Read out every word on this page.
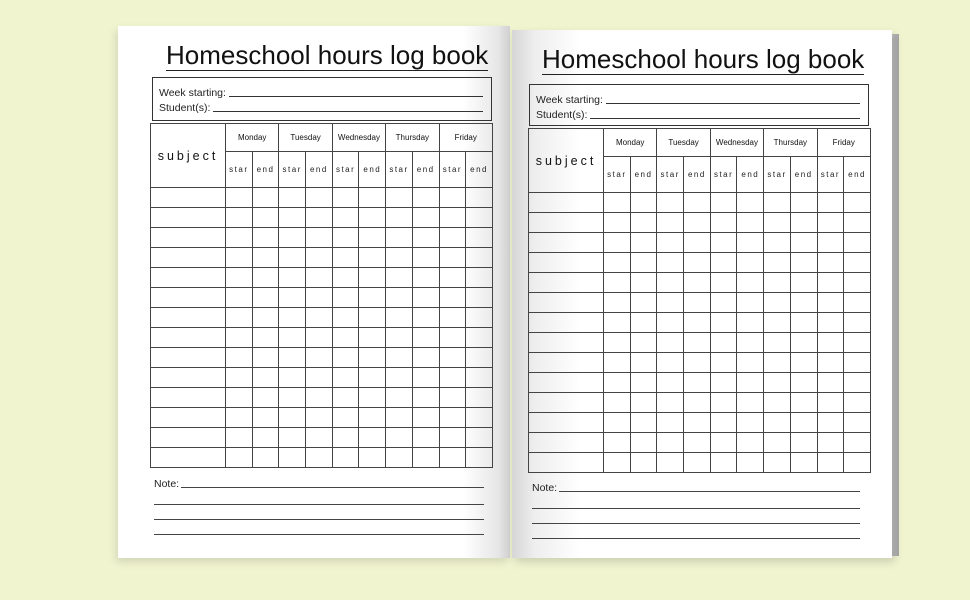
Homeschool hours log book
Week starting:
Student(s):
subject	Monday		Tuesday		Wednesday		Thursday		Friday	
	star	end	star	end	star	end	star	end	star	end

Note:
Homeschool hours log book
Week starting:
Student(s):
subject	Monday		Tuesday		Wednesday		Thursday		Friday	
	star	end	star	end	star	end	star	end	star	end

Note:
